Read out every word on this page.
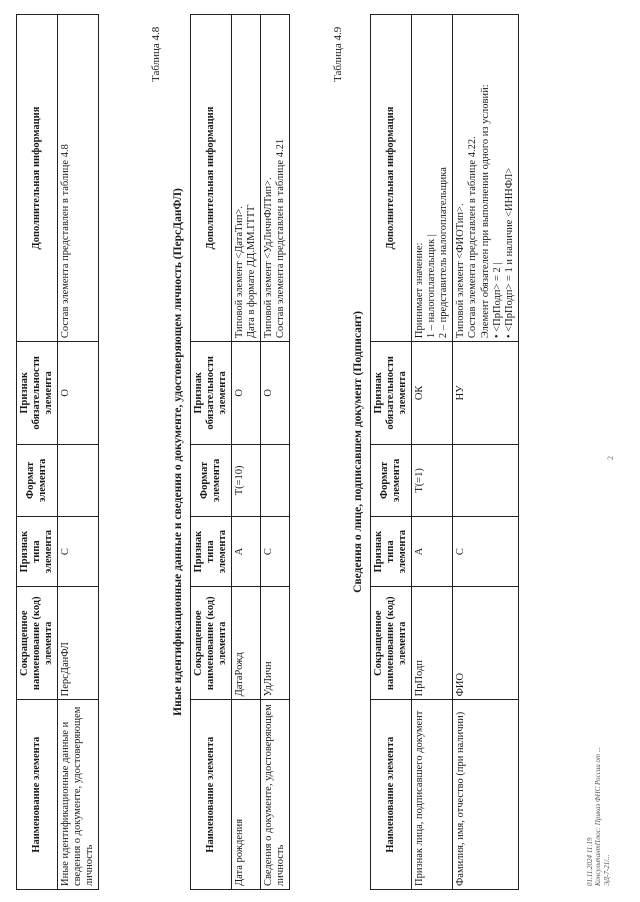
2
Наименование элемента	Сокращенное наименование (код) элемента	Признак типа элемента	Формат элемента	Признак обязательности элемента	Дополнительная информация
Иные идентификационные данные и сведения о документе, удостоверяющем личность	ПерсДанФЛ	С		О	Состав элемента представлен в таблице 4.8
Таблица 4.8
Иные идентификационные данные и сведения о документе, удостоверяющем личность (ПерсДанФЛ)
Наименование элемента	Сокращенное наименование (код) элемента	Признак типа элемента	Формат элемента	Признак обязательности элемента	Дополнительная информация
Дата рождения	ДатаРожд	А	Т(=10)	О	Типовой элемент <ДатаТип>. Дата в формате ДД.ММ.ГГГГ

Сведения о документе, удостоверяющем личность	УдЛичн	С		О	Типовой элемент <УдЛичнФЛТип>. Состав элемента представлен в таблице 4.21
Таблица 4.9
Сведения о лице, подписавшем документ (Подписант)
Наименование элемента	Сокращенное наименование (код) элемента	Признак типа элемента	Формат элемента	Признак обязательности элемента	Дополнительная информация
Признак лица, подписавшего документ	ПрПодп	А	Т(=1)	ОК	Принимает значение: 1 – налогоплательщик | 2 – представитель налогоплательщика

Фамилия, имя, отчество (при наличии)	ФИО	С		НУ	Типовой элемент <ФИОТип>. Состав элемента представлен в таблице 4.22. Элемент обязателен при выполнении одного из условий: • <ПрПодп> = 2 | • <ПрПодп> = 1 и наличие <ИННФЛ>
01.11.2024 11:19 КонсультантПлюс: Приказ ФНС России от ... ЭД-7-21/...
